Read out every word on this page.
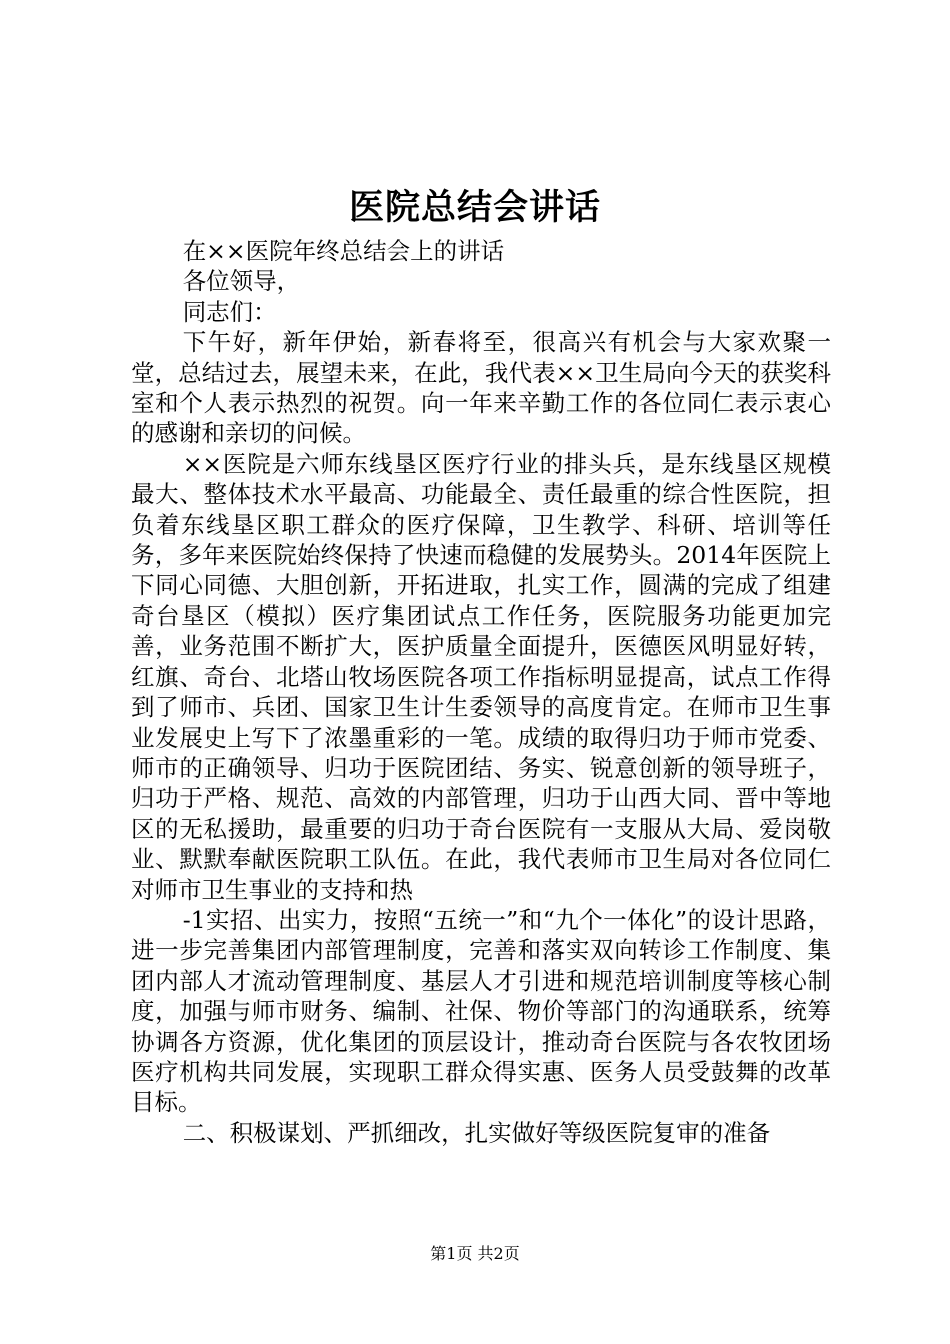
医院总结会讲话

在××医院年终总结会上的讲话

各位领导，

同志们：

下午好，新年伊始，新春将至，很高兴有机会与大家欢聚一堂，总结过去，展望未来，在此，我代表××卫生局向今天的获奖科室和个人表示热烈的祝贺。向一年来辛勤工作的各位同仁表示衷心的感谢和亲切的问候。

××医院是六师东线垦区医疗行业的排头兵，是东线垦区规模最大、整体技术水平最高、功能最全、责任最重的综合性医院，担负着东线垦区职工群众的医疗保障，卫生教学、科研、培训等任务，多年来医院始终保持了快速而稳健的发展势头。2014年医院上下同心同德、大胆创新，开拓进取，扎实工作，圆满的完成了组建奇台垦区（模拟）医疗集团试点工作任务，医院服务功能更加完善，业务范围不断扩大，医护质量全面提升，医德医风明显好转，红旗、奇台、北塔山牧场医院各项工作指标明显提高，试点工作得到了师市、兵团、国家卫生计生委领导的高度肯定。在师市卫生事业发展史上写下了浓墨重彩的一笔。成绩的取得归功于师市党委、师市的正确领导、归功于医院团结、务实、锐意创新的领导班子，归功于严格、规范、高效的内部管理，归功于山西大同、晋中等地区的无私援助，最重要的归功于奇台医院有一支服从大局、爱岗敬业、默默奉献医院职工队伍。在此，我代表师市卫生局对各位同仁对师市卫生事业的支持和热

-1实招、出实力，按照“五统一”和“九个一体化”的设计思路，进一步完善集团内部管理制度，完善和落实双向转诊工作制度、集团内部人才流动管理制度、基层人才引进和规范培训制度等核心制度，加强与师市财务、编制、社保、物价等部门的沟通联系，统筹协调各方资源，优化集团的顶层设计，推动奇台医院与各农牧团场医疗机构共同发展，实现职工群众得实惠、医务人员受鼓舞的改革目标。

二、积极谋划、严抓细改，扎实做好等级医院复审的准备

第1页 共2页
